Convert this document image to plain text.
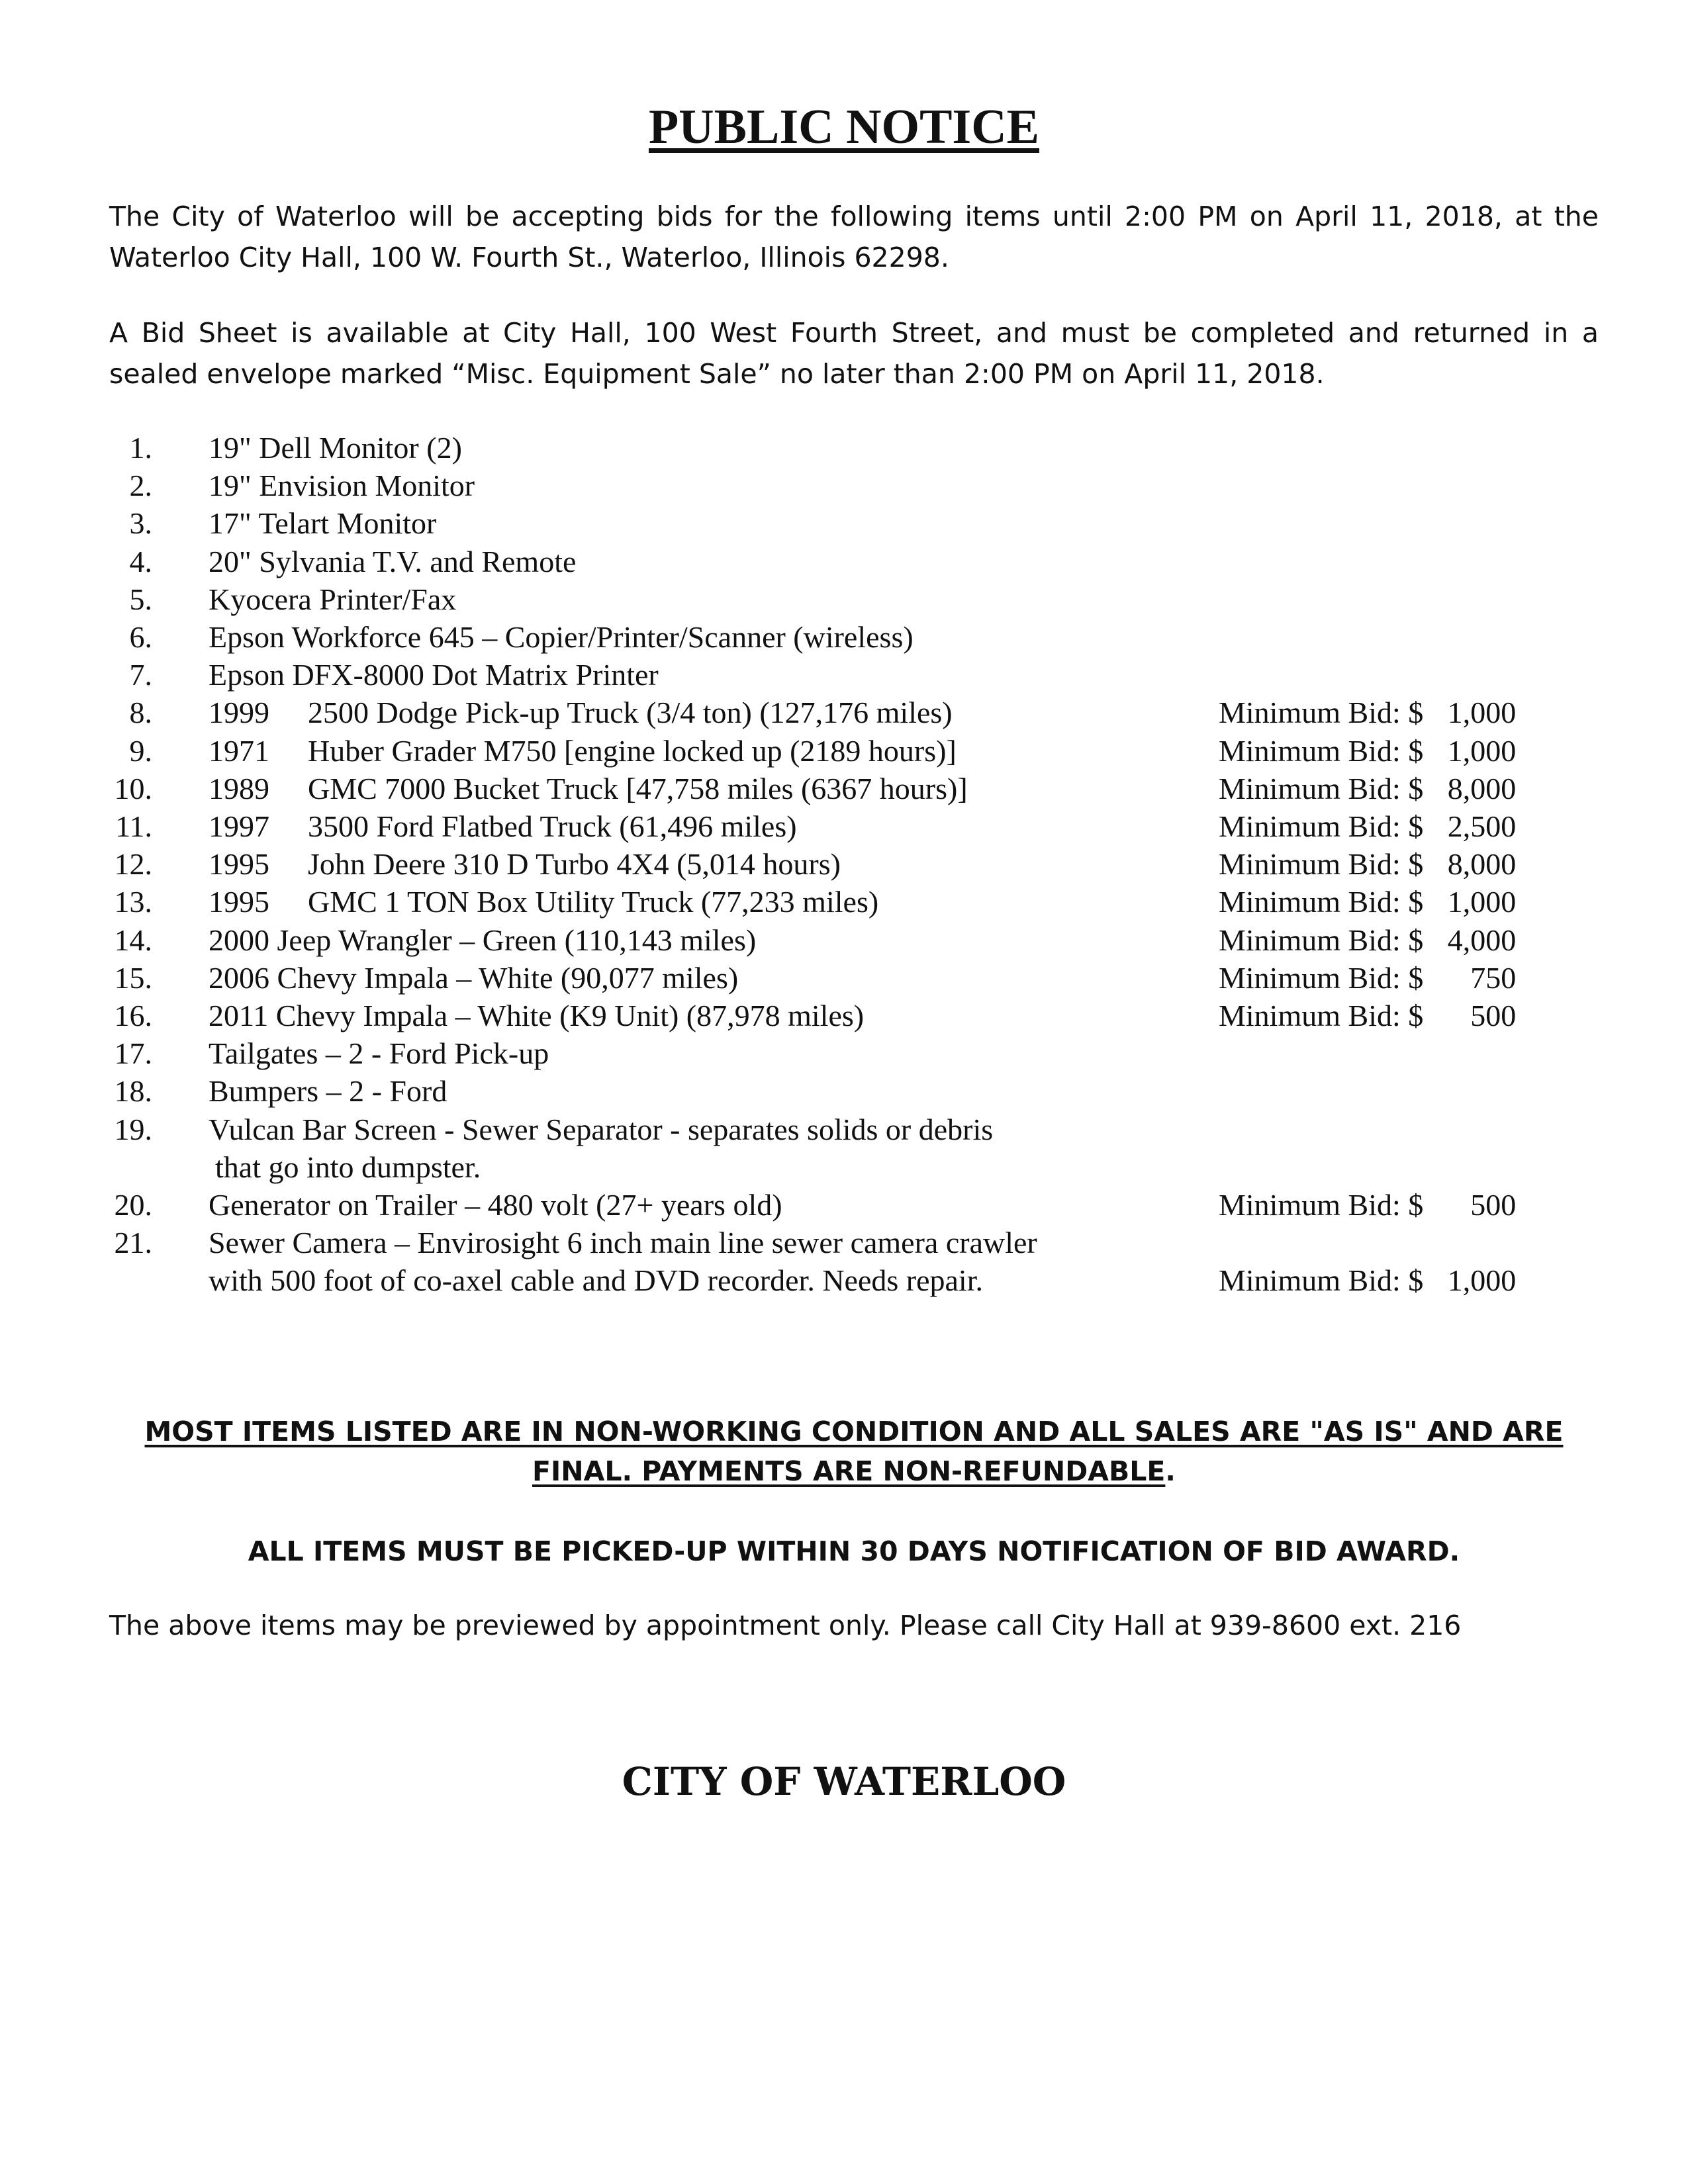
PUBLIC NOTICE

The City of Waterloo will be accepting bids for the following items until 2:00 PM on April 11, 2018, at the Waterloo City Hall, 100 W. Fourth St., Waterloo, Illinois 62298.

A Bid Sheet is available at City Hall, 100 West Fourth Street, and must be completed and returned in a sealed envelope marked “Misc. Equipment Sale” no later than 2:00 PM on April 11, 2018.

1. 19" Dell Monitor (2)
2. 19" Envision Monitor
3. 17" Telart Monitor
4. 20" Sylvania T.V. and Remote
5. Kyocera Printer/Fax
6. Epson Workforce 645 – Copier/Printer/Scanner (wireless)
7. Epson DFX-8000 Dot Matrix Printer
8. 1999 2500 Dodge Pick-up Truck (3/4 ton) (127,176 miles)	Minimum Bid: $ 1,000
9. 1971 Huber Grader M750 [engine locked up (2189 hours)]	Minimum Bid: $ 1,000
10. 1989 GMC 7000 Bucket Truck [47,758 miles (6367 hours)]	Minimum Bid: $ 8,000
11. 1997 3500 Ford Flatbed Truck (61,496 miles)	Minimum Bid: $ 2,500
12. 1995 John Deere 310 D Turbo 4X4 (5,014 hours)	Minimum Bid: $ 8,000
13. 1995 GMC 1 TON Box Utility Truck (77,233 miles)	Minimum Bid: $ 1,000
14. 2000 Jeep Wrangler – Green (110,143 miles)	Minimum Bid: $ 4,000
15. 2006 Chevy Impala – White (90,077 miles)	Minimum Bid: $	750
16. 2011 Chevy Impala – White (K9 Unit) (87,978 miles)	Minimum Bid: $	500
17. Tailgates – 2 - Ford Pick-up
18. Bumpers – 2 - Ford
19. Vulcan Bar Screen - Sewer Separator - separates solids or debris
that go into dumpster.
20. Generator on Trailer – 480 volt (27+ years old)	Minimum Bid: $	500
21. Sewer Camera – Envirosight 6 inch main line sewer camera crawler
with 500 foot of co-axel cable and DVD recorder. Needs repair.	Minimum Bid: $ 1,000

MOST ITEMS LISTED ARE IN NON-WORKING CONDITION AND ALL SALES ARE "AS IS" AND ARE FINAL. PAYMENTS ARE NON-REFUNDABLE.

ALL ITEMS MUST BE PICKED-UP WITHIN 30 DAYS NOTIFICATION OF BID AWARD.

The above items may be previewed by appointment only. Please call City Hall at 939-8600 ext. 216

CITY OF WATERLOO
